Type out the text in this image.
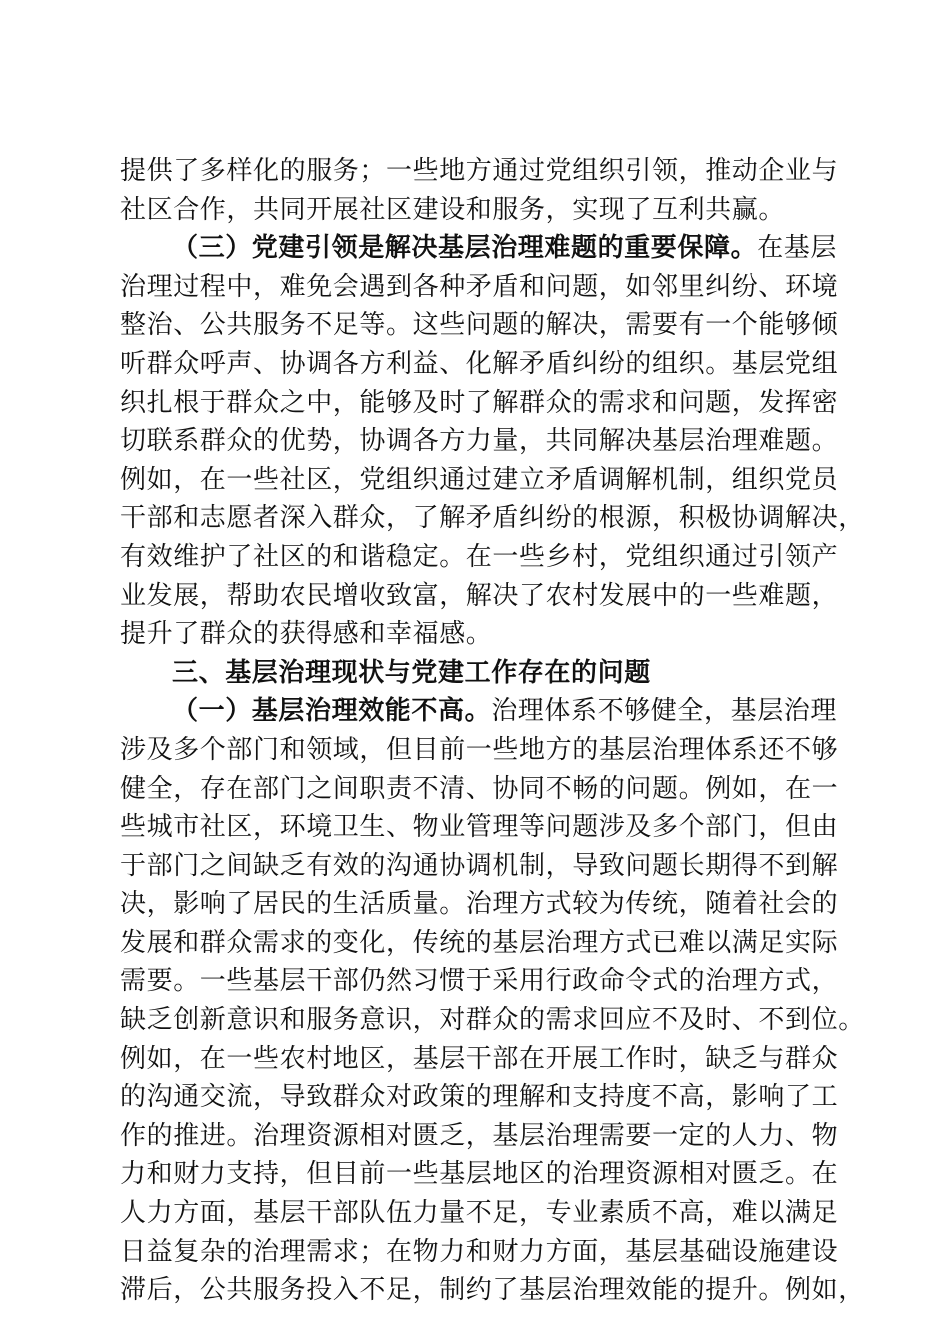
提供了多样化的服务；一些地方通过党组织引领，推动企业与
社区合作，共同开展社区建设和服务，实现了互利共赢。
（三）党建引领是解决基层治理难题的重要保障。在基层
治理过程中，难免会遇到各种矛盾和问题，如邻里纠纷、环境
整治、公共服务不足等。这些问题的解决，需要有一个能够倾
听群众呼声、协调各方利益、化解矛盾纠纷的组织。基层党组
织扎根于群众之中，能够及时了解群众的需求和问题，发挥密
切联系群众的优势，协调各方力量，共同解决基层治理难题。
例如，在一些社区，党组织通过建立矛盾调解机制，组织党员
干部和志愿者深入群众，了解矛盾纠纷的根源，积极协调解决，
有效维护了社区的和谐稳定。在一些乡村，党组织通过引领产
业发展，帮助农民增收致富，解决了农村发展中的一些难题，
提升了群众的获得感和幸福感。
三、基层治理现状与党建工作存在的问题
（一）基层治理效能不高。治理体系不够健全，基层治理
涉及多个部门和领域，但目前一些地方的基层治理体系还不够
健全，存在部门之间职责不清、协同不畅的问题。例如，在一
些城市社区，环境卫生、物业管理等问题涉及多个部门，但由
于部门之间缺乏有效的沟通协调机制，导致问题长期得不到解
决，影响了居民的生活质量。治理方式较为传统，随着社会的
发展和群众需求的变化，传统的基层治理方式已难以满足实际
需要。一些基层干部仍然习惯于采用行政命令式的治理方式，
缺乏创新意识和服务意识，对群众的需求回应不及时、不到位。
例如，在一些农村地区，基层干部在开展工作时，缺乏与群众
的沟通交流，导致群众对政策的理解和支持度不高，影响了工
作的推进。治理资源相对匮乏，基层治理需要一定的人力、物
力和财力支持，但目前一些基层地区的治理资源相对匮乏。在
人力方面，基层干部队伍力量不足，专业素质不高，难以满足
日益复杂的治理需求；在物力和财力方面，基层基础设施建设
滞后，公共服务投入不足，制约了基层治理效能的提升。例如，
